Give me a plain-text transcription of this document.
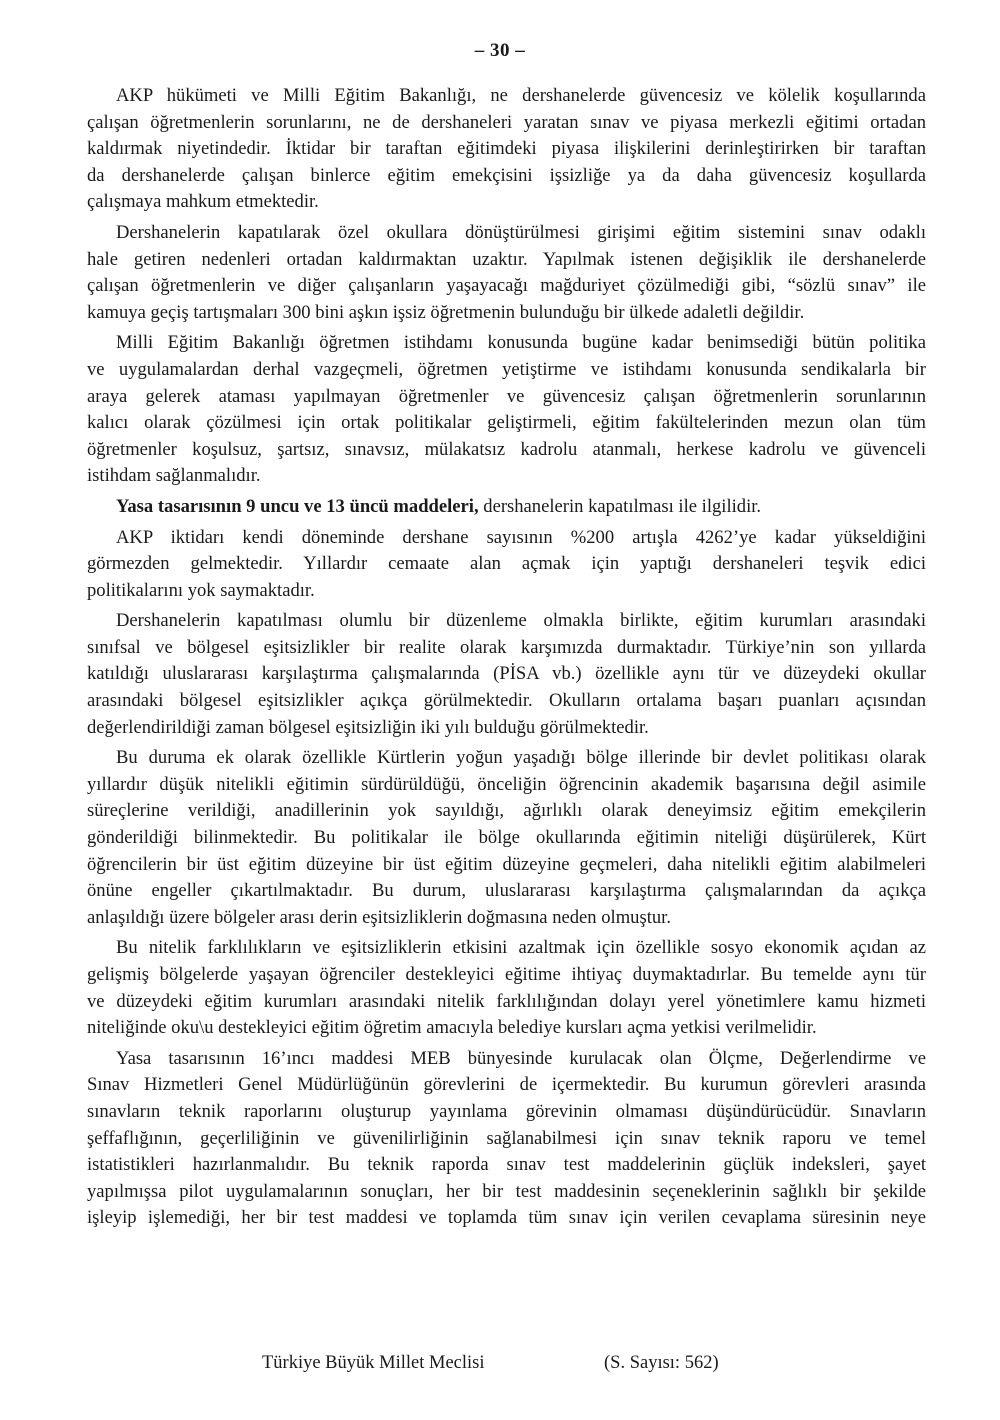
– 30 –
AKP hükümeti ve Milli Eğitim Bakanlığı, ne dershanelerde güvencesiz ve kölelik koşullarında
çalışan öğretmenlerin sorunlarını, ne de dershaneleri yaratan sınav ve piyasa merkezli eğitimi ortadan
kaldırmak niyetindedir. İktidar bir taraftan eğitimdeki piyasa ilişkilerini derinleştirirken bir taraftan
da dershanelerde çalışan binlerce eğitim emekçisini işsizliğe ya da daha güvencesiz koşullarda
çalışmaya mahkum etmektedir.
Dershanelerin kapatılarak özel okullara dönüştürülmesi girişimi eğitim sistemini sınav odaklı
hale getiren nedenleri ortadan kaldırmaktan uzaktır. Yapılmak istenen değişiklik ile dershanelerde
çalışan öğretmenlerin ve diğer çalışanların yaşayacağı mağduriyet çözülmediği gibi, “sözlü sınav” ile
kamuya geçiş tartışmaları 300 bini aşkın işsiz öğretmenin bulunduğu bir ülkede adaletli değildir.
Milli Eğitim Bakanlığı öğretmen istihdamı konusunda bugüne kadar benimsediği bütün politika
ve uygulamalardan derhal vazgeçmeli, öğretmen yetiştirme ve istihdamı konusunda sendikalarla bir
araya gelerek ataması yapılmayan öğretmenler ve güvencesiz çalışan öğretmenlerin sorunlarının
kalıcı olarak çözülmesi için ortak politikalar geliştirmeli, eğitim fakültelerinden mezun olan tüm
öğretmenler koşulsuz, şartsız, sınavsız, mülakatsız kadrolu atanmalı, herkese kadrolu ve güvenceli
istihdam sağlanmalıdır.
Yasa tasarısının 9 uncu ve 13 üncü maddeleri, dershanelerin kapatılması ile ilgilidir.
AKP iktidarı kendi döneminde dershane sayısının %200 artışla 4262’ye kadar yükseldiğini
görmezden gelmektedir. Yıllardır cemaate alan açmak için yaptığı dershaneleri teşvik edici
politikalarını yok saymaktadır.
Dershanelerin kapatılması olumlu bir düzenleme olmakla birlikte, eğitim kurumları arasındaki
sınıfsal ve bölgesel eşitsizlikler bir realite olarak karşımızda durmaktadır. Türkiye’nin son yıllarda
katıldığı uluslararası karşılaştırma çalışmalarında (PİSA vb.) özellikle aynı tür ve düzeydeki okullar
arasındaki bölgesel eşitsizlikler açıkça görülmektedir. Okulların ortalama başarı puanları açısından
değerlendirildiği zaman bölgesel eşitsizliğin iki yılı bulduğu görülmektedir.
Bu duruma ek olarak özellikle Kürtlerin yoğun yaşadığı bölge illerinde bir devlet politikası olarak
yıllardır düşük nitelikli eğitimin sürdürüldüğü, önceliğin öğrencinin akademik başarısına değil asimile
süreçlerine verildiği, anadillerinin yok sayıldığı, ağırlıklı olarak deneyimsiz eğitim emekçilerin
gönderildiği bilinmektedir. Bu politikalar ile bölge okullarında eğitimin niteliği düşürülerek, Kürt
öğrencilerin bir üst eğitim düzeyine bir üst eğitim düzeyine geçmeleri, daha nitelikli eğitim alabilmeleri
önüne engeller çıkartılmaktadır. Bu durum, uluslararası karşılaştırma çalışmalarından da açıkça
anlaşıldığı üzere bölgeler arası derin eşitsizliklerin doğmasına neden olmuştur.
Bu nitelik farklılıkların ve eşitsizliklerin etkisini azaltmak için özellikle sosyo ekonomik açıdan az
gelişmiş bölgelerde yaşayan öğrenciler destekleyici eğitime ihtiyaç duymaktadırlar. Bu temelde aynı tür
ve düzeydeki eğitim kurumları arasındaki nitelik farklılığından dolayı yerel yönetimlere kamu hizmeti
niteliğinde oku\u destekleyici eğitim öğretim amacıyla belediye kursları açma yetkisi verilmelidir.
Yasa tasarısının 16’ıncı maddesi MEB bünyesinde kurulacak olan Ölçme, Değerlendirme ve
Sınav Hizmetleri Genel Müdürlüğünün görevlerini de içermektedir. Bu kurumun görevleri arasında
sınavların teknik raporlarını oluşturup yayınlama görevinin olmaması düşündürücüdür. Sınavların
şeffaflığının, geçerliliğinin ve güvenilirliğinin sağlanabilmesi için sınav teknik raporu ve temel
istatistikleri hazırlanmalıdır. Bu teknik raporda sınav test maddelerinin güçlük indeksleri, şayet
yapılmışsa pilot uygulamalarının sonuçları, her bir test maddesinin seçeneklerinin sağlıklı bir şekilde
işleyip işlemediği, her bir test maddesi ve toplamda tüm sınav için verilen cevaplama süresinin neye
Türkiye Büyük Millet Meclisi	(S. Sayısı: 562)
